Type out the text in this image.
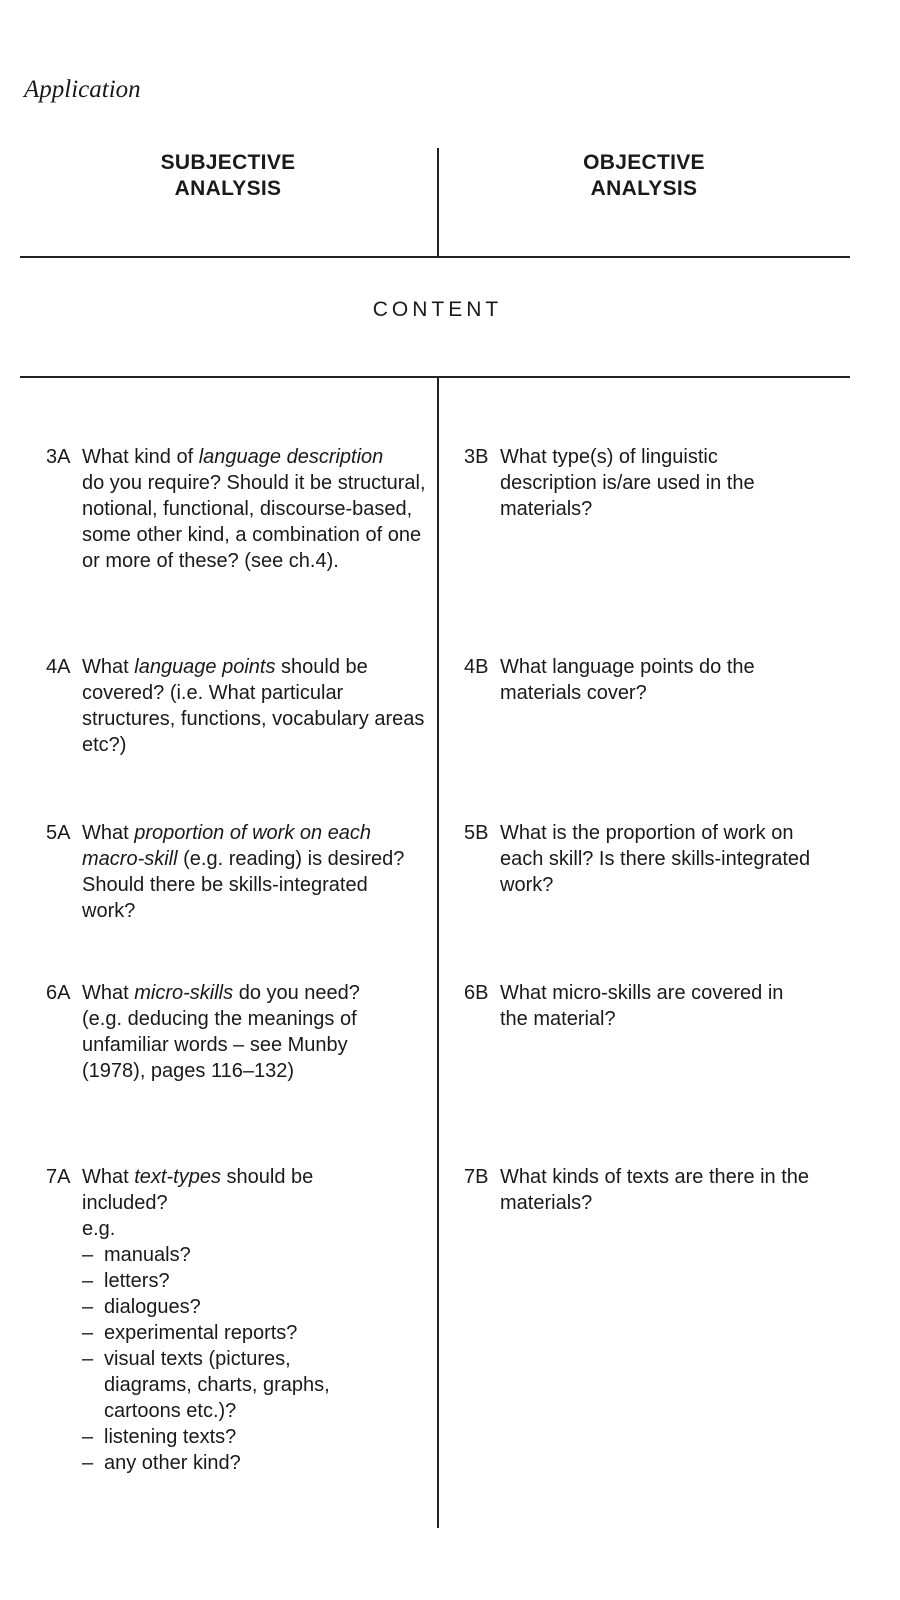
Application
SUBJECTIVE
ANALYSIS
OBJECTIVE
ANALYSIS
CONTENT
3A What kind of language description
do you require? Should it be structural, notional, functional, discourse-based, some other kind, a combination of one or more of these? (see ch.4).
3B What type(s) of linguistic
description is/are used in the materials?
4A What language points should be
covered? (i.e. What particular structures, functions, vocabulary areas etc?)
4B What language points do the
materials cover?
5A What proportion of work on each
macro-skill (e.g. reading) is desired? Should there be skills-integrated work?
5B What is the proportion of work on
each skill? Is there skills-integrated work?
6A What micro-skills do you need?
(e.g. deducing the meanings of unfamiliar words – see Munby (1978), pages 116–132)
6B What micro-skills are covered in
the material?
7A What text-types should be
included?
e.g.
– manuals?
– letters?
– dialogues?
– experimental reports?
– visual texts (pictures, diagrams, charts, graphs, cartoons etc.)?
– listening texts?
– any other kind?
7B What kinds of texts are there in the
materials?
